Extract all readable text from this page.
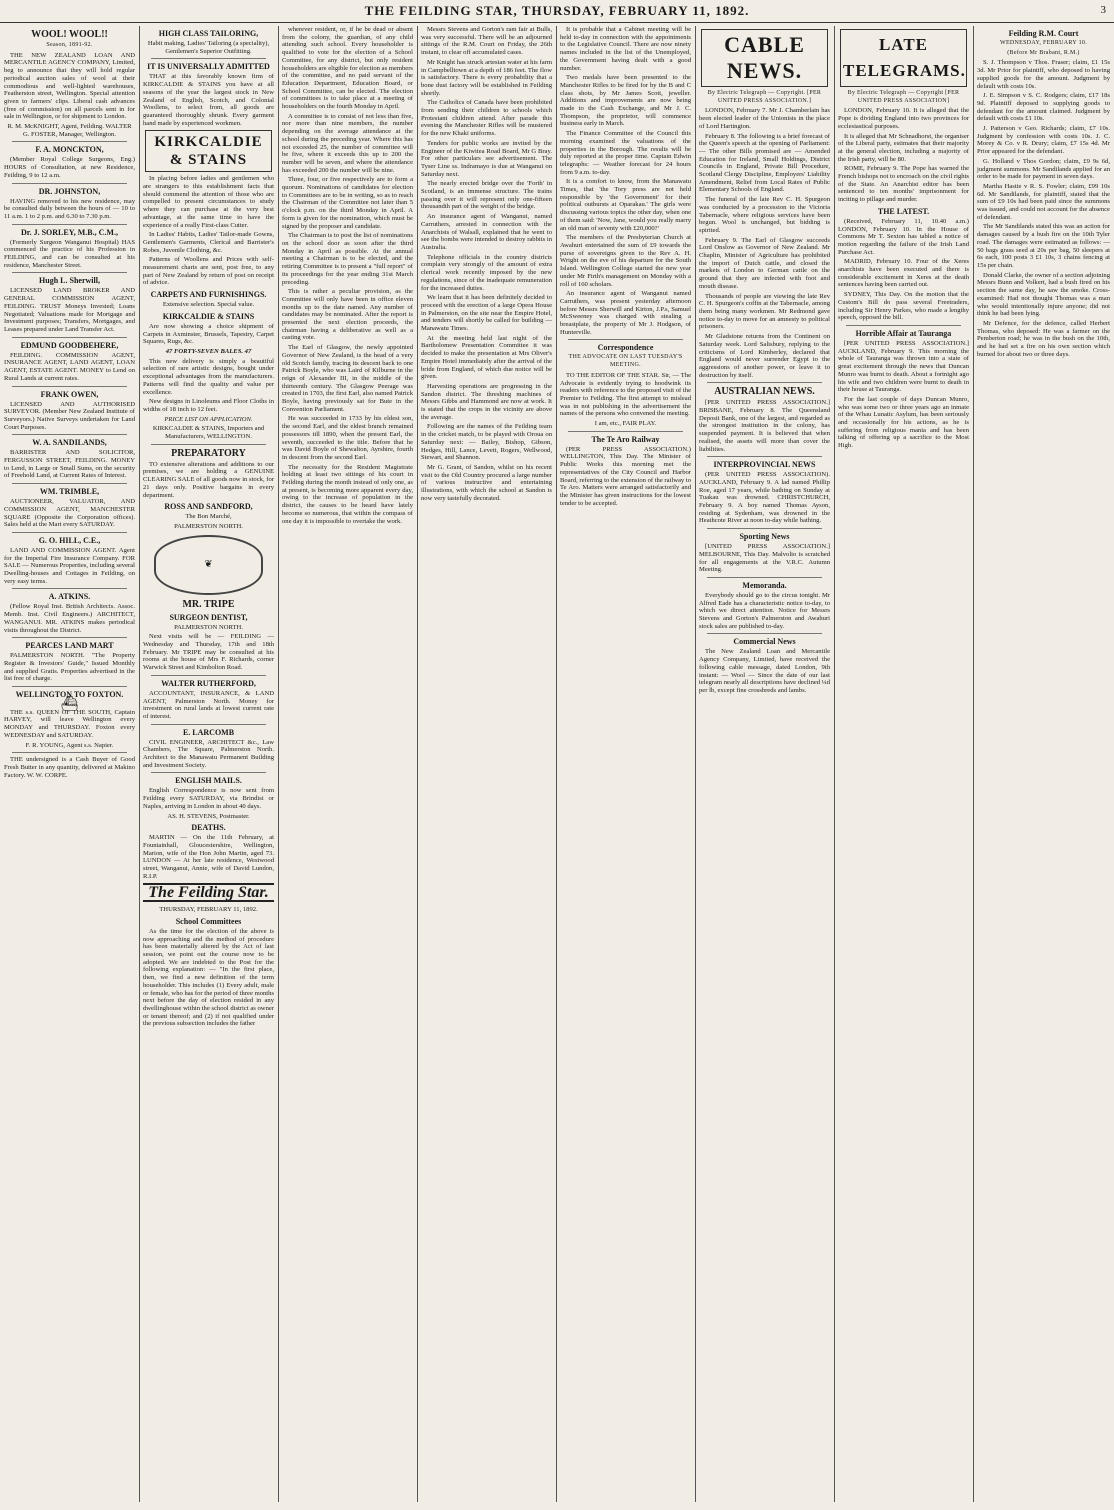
THE FEILDING STAR, THURSDAY, FEBRUARY 11, 1892.	3
WOOL! WOOL!!
Season, 1891-92.

THE NEW ZEALAND LOAN AND MERCANTILE AGENCY COMPANY, Limited, beg to announce that they will hold regular periodical auction sales of wool at their commodious and well-lighted warehouses, Featherston street, Wellington. Special attention given to farmers' clips. Liberal cash advances (free of commission) on all parcels sent in for sale in Wellington, or for shipment to London.

R. M. McKNIGHT, Agent, Feilding. WALTER G. FOSTER, Manager, Wellington.

F. A. MONCKTON,

(Member Royal College Surgeons, Eng.) HOURS of Consultation, at new Residence, Feilding, 9 to 12 a.m.

DR. JOHNSTON,

HAVING removed to his new residence, may be consulted daily between the hours of — 10 to 11 a.m. 1 to 2 p.m. and 6.30 to 7.30 p.m.

Dr. J. SORLEY, M.B., C.M.,

(Formerly Surgeon Wanganui Hospital) HAS commenced the practice of his Profession in FEILDING, and can be consulted at his residence, Manchester Street.

Hugh L. Sherwill,

LICENSED LAND BROKER AND GENERAL COMMISSION AGENT, FEILDING. TRUST Moneys Invested; Loans Negotiated; Valuations made for Mortgage and Investment purposes; Transfers, Mortgages, and Leases prepared under Land Transfer Act.

EDMUND GOODBEHERE,

FEILDING. COMMISSION AGENT, INSURANCE AGENT, LAND AGENT, LOAN AGENT, ESTATE AGENT. MONEY to Lend on Rural Lands at current rates.

FRANK OWEN,

LICENSED AND AUTHORISED SURVEYOR. (Member New Zealand Institute of Surveyors.) Native Surveys undertaken for Land Court Purposes.

W. A. SANDILANDS,

BARRISTER AND SOLICITOR, FERGUSSON STREET, FEILDING. MONEY to Lend, in Large or Small Sums, on the security of Freehold Land, at Current Rates of Interest.

WM. TRIMBLE,

AUCTIONEER, VALUATOR, AND COMMISSION AGENT, MANCHESTER SQUARE (Opposite the Corporation offices). Sales held at the Mart every SATURDAY.

G. O. HILL, C.E.,

LAND AND COMMISSION AGENT. Agent for the Imperial Fire Insurance Company. FOR SALE — Numerous Properties, including several Dwelling-houses and Cottages in Feilding, on very easy terms.

A. ATKINS.

(Fellow Royal Inst. British Architects. Assoc. Memb. Inst. Civil Engineers.) ARCHITECT, WANGANUI. MR. ATKINS makes periodical visits throughout the District.

PEARCES LAND MART

PALMERSTON NORTH. "The Property Register & Investors' Guide," Issued Monthly and supplied Gratis. Properties advertised in the list free of charge.

WELLINGTON TO FOXTON.
⛴

THE s.s. QUEEN OF THE SOUTH, Captain HARVEY, will leave Wellington every MONDAY and THURSDAY. Foxton every WEDNESDAY and SATURDAY.

F. R. YOUNG, Agent s.s. Napier.

THE undersigned is a Cash Buyer of Good Fresh Butter in any quantity, delivered at Makino Factory. W. W. CORPE.

HIGH CLASS TAILORING,

Habit making, Ladies' Tailoring (a speciality), Gentlemen's Superior Outfitting.

IT IS UNIVERSALLY ADMITTED

THAT at this favorably known firm of KIRKCALDIE & STAINS you have at all seasons of the year the largest stock in New Zealand of English, Scotch, and Colonial Woollens, to select from, all goods are guaranteed thoroughly shrunk. Every garment hand made by experienced workmen.

KIRKCALDIE & STAINS

In placing before ladies and gentlemen who are strangers to this establishment facts that should commend the attention of those who are compelled to present circumstances to study where they can purchase at the very best advantage, at the same time to have the experience of a really First-class Cutter.

In Ladies' Habits, Ladies' Tailor-made Gowns, Gentlemen's Garments, Clerical and Barrister's Robes, Juvenile Clothing, &c.

Patterns of Woollens and Prices with self-measurement charts are sent, post free, to any part of New Zealand by return of post on receipt of advice.

CARPETS AND FURNISHINGS.

Extensive selection. Special value.

KIRKCALDIE & STAINS

Are now showing a choice shipment of Carpets in Axminster, Brussels, Tapestry, Carpet Squares, Rugs, &c.

47 FORTY-SEVEN BALES. 47

This new delivery is simply a beautiful selection of rare artistic designs, bought under exceptional advantages from the manufacturers. Patterns will find the quality and value per excellence.

New designs in Linoleums and Floor Cloths in widths of 18 inch to 12 feet.

PRICE LIST ON APPLICATION.

KIRKCALDIE & STAINS, Importers and Manufacturers, WELLINGTON.

PREPARATORY

TO extensive alterations and additions to our premises, we are holding a GENUINE CLEARING SALE of all goods now in stock, for 21 days only. Positive bargains in every department.

ROSS AND SANDFORD,

The Bon Marché,

PALMERSTON NORTH.

❦
MR. TRIPE
SURGEON DENTIST,

PALMERSTON NORTH.

Next visits will be — FEILDING — Wednesday and Thursday, 17th and 18th February. Mr TRIPE may be consulted at his rooms at the house of Mrs F. Richards, corner Warwick Street and Kimbolton Road.

WALTER RUTHERFORD,

ACCOUNTANT, INSURANCE, & LAND AGENT, Palmerston North. Money for investment on rural lands at lowest current rate of interest.

E. LARCOMB

CIVIL ENGINEER, ARCHITECT &c., Law Chambers, The Square, Palmerston North. Architect to the Manawatu Permanent Building and Investment Society.

ENGLISH MAILS.

English Correspondence is now sent from Feilding every SATURDAY, via Brindisi or Naples, arriving in London in about 40 days.

AS. H. STEVENS, Postmaster.

DEATHS.

MARTIN — On the 11th February, at Fountainhall, Gloucestershire, Wellington, Marion, wife of the Hon John Martin, aged 73. LUNDON — At her late residence, Westwood street, Wanganui, Annie, wife of David Lundon, R.I.P.

The Feilding Star.

THURSDAY, FEBRUARY 11, 1892.

School Committees

As the time for the election of the above is now approaching and the method of procedure has been materially altered by the Act of last session, we point out the course now to be adopted. We are indebted to the Post for the following explanation: — "In the first place, then, we find a new definition of the term householder. This includes (1) Every adult, male or female, who has for the period of three months next before the day of election resided in any dwellinghouse within the school district as owner or tenant thereof; and (2) if not qualified under the previous subsection includes the father

wherever resident, or, if he be dead or absent from the colony, the guardian, of any child attending such school. Every householder is qualified to vote for the election of a School Committee, for any district, but only resident householders are eligible for election as members of the committee, and no paid servant of the Education Department, Education Board, or School Committee, can be elected. The election of committees is to take place at a meeting of householders on the fourth Monday in April.

A committee is to consist of not less than five, nor more than nine members, the number depending on the average attendance at the school during the preceding year. Where this has not exceeded 25, the number of committee will be five, where it exceeds this up to 200 the number will be seven, and where the attendance has exceeded 200 the number will be nine.

Three, four, or five respectively are to form a quorum. Nominations of candidates for election to Committees are to be in writing, so as to reach the Chairman of the Committee not later than 5 o'clock p.m. on the third Monday in April. A form is given for the nomination, which must be signed by the proposer and candidate.

The Chairman is to post the list of nominations on the school door as soon after the third Monday in April as possible. At the annual meeting a Chairman is to be elected, and the retiring Committee is to present a "full report" of its proceedings for the year ending 31st March preceding.

This is rather a peculiar provision, as the Committee will only have been in office eleven months up to the date named. Any number of candidates may be nominated. After the report is presented the next election proceeds, the chairman having a deliberative as well as a casting vote.

The Earl of Glasgow, the newly appointed Governor of New Zealand, is the head of a very old Scotch family, tracing its descent back to one Patrick Boyle, who was Laird of Kilburne in the reign of Alexander III, in the middle of the thirteenth century. The Glasgow Peerage was created in 1703, the first Earl, also named Patrick Boyle, having previously sat for Bute in the Convention Parliament.

He was succeeded in 1733 by his eldest son, the second Earl, and the eldest branch remained possessors till 1890, when the present Earl, the seventh, succeeded to the title. Before that he was David Boyle of Shewalton, Ayrshire, fourth in descent from the second Earl.

The necessity for the Resident Magistrate holding at least two sittings of his court in Feilding during the month instead of only one, as at present, is becoming more apparent every day, owing to the increase of population in the district, the causes to be heard have lately become so numerous, that within the compass of one day it is impossible to overtake the work.

Messrs Stevens and Gorton's ram fair at Bulls, was very successful. There will be an adjourned sittings of the R.M. Court on Friday, the 26th instant, to clear off accumulated cases.

Mr Knight has struck artesian water at his farm in Campbelltown at a depth of 186 feet. The flow is satisfactory. There is every probability that a bone dust factory will be established in Feilding shortly.

The Catholics of Canada have been prohibited from sending their children to schools which Protestant children attend. After parade this evening the Manchester Rifles will be mustered for the new Khaki uniforms.

Tenders for public works are invited by the Engineer of the Kiwitea Road Board, Mr G Bray. For other particulars see advertisement. The Tyser Line ss. Indramayo is due at Wanganui on Saturday next.

The nearly erected bridge over the 'Forth' in Scotland, is an immense structure. The trains passing over it will represent only one-fifteen thousandth part of the weight of the bridge.

An insurance agent of Wanganui, named Carruthers, arrested in connection with the Anarchists of Walsall, explained that he went to see the bombs were intended to destroy rabbits in Australia.

Telephone officials in the country districts complain very strongly of the amount of extra clerical work recently imposed by the new regulations, since of the inadequate remuneration for the increased duties.

We learn that it has been definitely decided to proceed with the erection of a large Opera House in Palmerston, on the site near the Empire Hotel, and tenders will shortly be called for building — Manawatu Times.

At the meeting held last night of the Bartholomew Presentation Committee it was decided to make the presentation at Mrs Oliver's Empire Hotel immediately after the arrival of the bride from England, of which due notice will be given.

Harvesting operations are progressing in the Sandon district. The threshing machines of Messrs Gibbs and Hammond are now at work. It is stated that the crops in the vicinity are above the average.

Following are the names of the Feilding team in the cricket match, to be played with Oroua on Saturday next: — Bailey, Bishop, Gibson, Hedges, Hill, Lance, Levett, Rogers, Wellwood, Stewart, and Shannon.

Mr G. Grant, of Sandon, whilst on his recent visit to the Old Country procured a large number of various instructive and entertaining illustrations, with which the school at Sandon is now very tastefully decorated.

It is probable that a Cabinet meeting will be held to-day in connection with the appointments to the Legislative Council. There are now ninety names included in the list of the Unemployed, the Government having dealt with a good number.

Two medals have been presented to the Manchester Rifles to be fired for by the B and C class shots, by Mr James Scott, jeweller. Additions and improvements are now being made to the Cash Exchange, and Mr J. C. Thompson, the proprietor, will commence business early in March.

The Finance Committee of the Council this morning examined the valuations of the properties in the Borough. The results will be duly reported at the proper time. Captain Edwin telegraphs: — Weather forecast for 24 hours from 9 a.m. to-day.

It is a comfort to know, from the Manawatu Times, that 'the Tory press are not held responsible by 'the Government' for their political outbursts at Oparakau.' The girls were discussing various topics the other day, when one of them said: 'Now, Jane, would you really marry an old man of seventy with £20,000?'

The members of the Presbyterian Church at Awahuri entertained the sum of £9 towards the purse of sovereigns given to the Rev A. H. Wright on the eve of his departure for the South Island. Wellington College started the new year under Mr Firth's management on Monday with a roll of 160 scholars.

An insurance agent of Wanganui named Carruthers, was present yesterday afternoon before Messrs Sherwill and Kirton, J.P.s, Samuel McSweeney was charged with stealing a breastplate, the property of Mr J. Hodgson, of Hunterville.

Correspondence
THE ADVOCATE ON LAST TUESDAY'S MEETING.

TO THE EDITOR OF THE STAR. Sir, — The Advocate is evidently trying to hoodwink its readers with reference to the proposed visit of the Premier to Feilding. The first attempt to mislead was in not publishing in the advertisement the names of the persons who convened the meeting.

I am, etc., FAIR PLAY.

The Te Aro Railway

(PER PRESS ASSOCIATION.) WELLINGTON, This Day. The Minister of Public Works this morning met the representatives of the City Council and Harbor Board, referring to the extension of the railway to Te Aro. Matters were arranged satisfactorily and the Minister has given instructions for the lowest tender to be accepted.

CABLE NEWS.
By Electric Telegraph — Copyright. [PER UNITED PRESS ASSOCIATION.]

LONDON, February 7. Mr J. Chamberlain has been elected leader of the Unionists in the place of Lord Hartington.

February 8. The following is a brief forecast of the Queen's speech at the opening of Parliament: — The other Bills promised are — Amended Education for Ireland, Small Holdings, District Councils in England, Private Bill Procedure, Scotland Clergy Discipline, Employers' Liability Amendment, Relief from Local Rates of Public Elementary Schools of England.

The funeral of the late Rev C. H. Spurgeon was conducted by a procession to the Victoria Tabernacle, where religious services have been begun. Wool is unchanged, but bidding is spirited.

February 9. The Earl of Glasgow succeeds Lord Onslow as Governor of New Zealand. Mr Chaplin, Minister of Agriculture has prohibited the import of Dutch cattle, and closed the markets of London to German cattle on the ground that they are infected with foot and mouth disease.

Thousands of people are viewing the late Rev C. H. Spurgeon's coffin at the Tabernacle, among them being many workmen. Mr Redmond gave notice to-day to move for an amnesty to political prisoners.

Mr Gladstone returns from the Continent on Saturday week. Lord Salisbury, replying to the criticisms of Lord Kimberley, declared that England would never surrender Egypt to the aggressions of another power, or leave it to destruction by itself.

AUSTRALIAN NEWS.

[PER UNITED PRESS ASSOCIATION.] BRISBANE, February 8. The Queensland Deposit Bank, one of the largest, and regarded as the strongest institution in the colony, has suspended payment. It is believed that when realised, the assets will more than cover the liabilities.

INTERPROVINCIAL NEWS

(PER UNITED PRESS ASSOCIATION). AUCKLAND, February 9. A lad named Phillip Roe, aged 17 years, while bathing on Sunday at Tuakau was drowned. CHRISTCHURCH, February 9. A boy named Thomas Ayson, residing at Sydenham, was drowned in the Heathcote River at noon to-day while bathing.

Sporting News

[UNITED PRESS ASSOCIATION.] MELBOURNE, This Day. Malvolio is scratched for all engagements at the V.R.C. Autumn Meeting.

Memoranda.

Everybody should go to the circus tonight. Mr Alfred Eade has a characteristic notice to-day, to which we direct attention. Notice for Messrs Stevens and Gorton's Palmerston and Awahuri stock sales are published to-day.

Commercial News

The New Zealand Loan and Mercantile Agency Company, Limited, have received the following cable message, dated London, 9th instant: — Wool — Since the date of our last telegram nearly all descriptions have declined ¼d per lb, except fine crossbreds and lambs.

LATE TELEGRAMS.
By Electric Telegraph — Copyright [PER UNITED PRESS ASSOCIATION]

LONDON, February 10. It is alleged that the Pope is dividing England into two provinces for ecclesiastical purposes.

It is alleged that Mr Schnadhorst, the organiser of the Liberal party, estimates that their majority at the general election, including a majority of the Irish party, will be 80.

ROME, February 9. The Pope has warned the French bishops not to encroach on the civil rights of the State. An Anarchist editor has been sentenced to ten months' imprisonment for inciting to pillage and murder.

THE LATEST.

(Received, February 11, 10.40 a.m.) LONDON, February 10. In the House of Commons Mr T. Sexton has tabled a notice of motion regarding the failure of the Irish Land Purchase Act.

MADRID, February 10. Four of the Xeres anarchists have been executed and there is considerable excitement in Xeres at the death sentences having been carried out.

SYDNEY, This Day. On the motion that the Custom's Bill do pass several Freetraders, including Sir Henry Parkes, who made a lengthy speech, opposed the bill.

Horrible Affair at Tauranga

[PER UNITED PRESS ASSOCIATION.] AUCKLAND, February 9. This morning the whole of Tauranga was thrown into a state of great excitement through the news that Duncan Munro was burnt to death. About a fortnight ago his wife and two children were burnt to death in their house at Tauranga.

For the last couple of days Duncan Munro, who was some two or three years ago an inmate of the Whau Lunatic Asylum, has been seriously and occasionally for his actions, as he is suffering from religious mania and has been talking of offering up a sacrifice to the Most High.

Feilding R.M. Court
WEDNESDAY, FEBRUARY 10.
(Before Mr Brabant, R.M.)

S. J. Thompson v Thos. Fraser; claim, £1 15s 3d. Mr Prior for plaintiff, who deposed to having supplied goods for the amount. Judgment by default with costs 10s.

J. E. Simpson v S. C. Rodgers; claim, £17 18s 9d. Plaintiff deposed to supplying goods to defendant for the amount claimed. Judgment by default with costs £1 10s.

J. Patterson v Geo. Richards; claim, £7 10s. Judgment by confession with costs 10s. J. C. Morey & Co. v R. Drury; claim, £7 15s 4d. Mr Prior appeared for the defendant.

G. Holland v Thos Gordon; claim, £9 9s 6d, judgment summons. Mr Sandilands applied for an order to be made for payment in seven days.

Martha Hastie v R. S. Fowler; claim, £99 10s 6d. Mr Sandilands, for plaintiff, stated that the sum of £9 10s had been paid since the summons was issued, and could not account for the absence of defendant.

The Mr Sandilands stated this was an action for damages caused by a bush fire on the 10th Tyler road. The damages were estimated as follows: — 50 bags grass seed at 20s per bag, 50 sleepers at 6s each, 100 posts 3 £1 10s, 3 chains fencing at 15s per chain.

Donald Clarke, the owner of a section adjoining Messrs Bunn and Volkert, had a bush fired on his section the same day, he saw the smoke. Cross-examined: Had not thought Thomas was a man who would intentionally injure anyone; did not think he had been lying.

Mr Defence, for the defence, called Herbert Thomas, who deposed: He was a farmer on the Pemberton road; he was in the bush on the 10th, and he had set a fire on his own section which burned for about two or three days.
